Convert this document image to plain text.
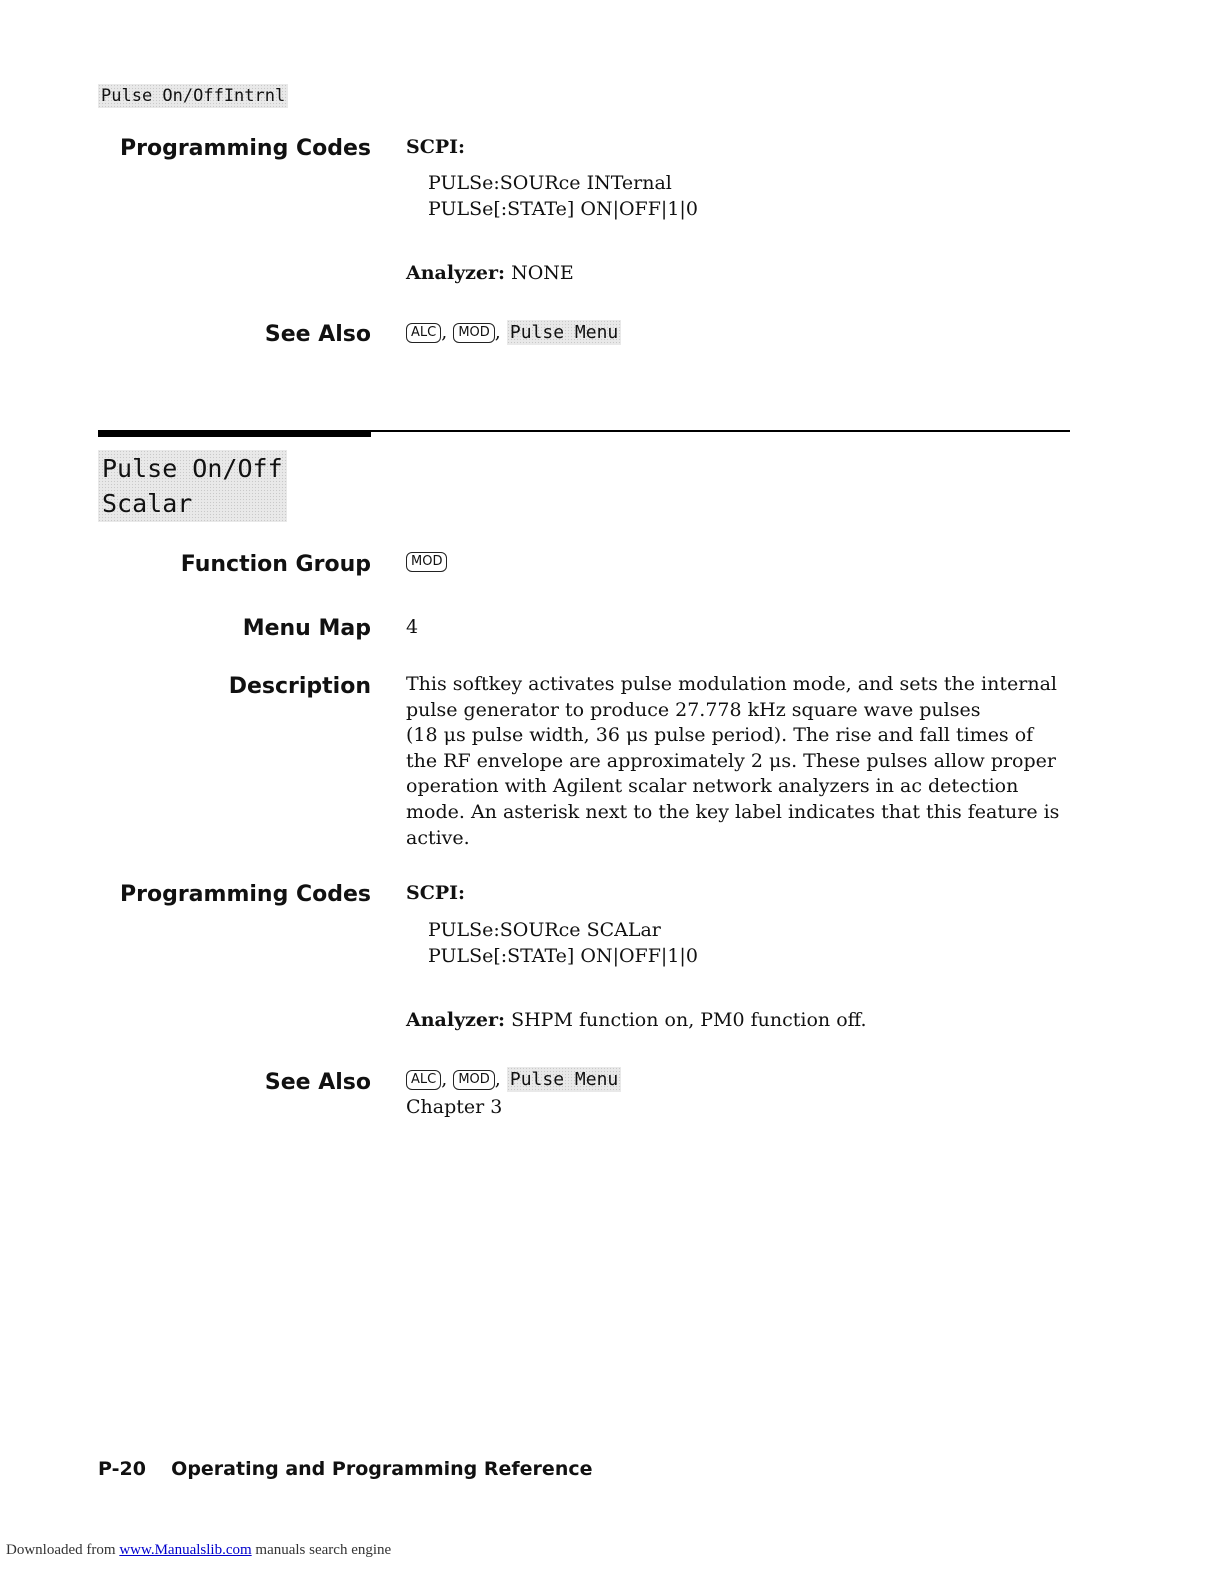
Pulse On/OffIntrnl
Programming Codes SCPI:
PULSe:SOURce INTernal
PULSe[:STATe] ON|OFF|1|0
Analyzer: NONE
See Also	ALC , MOD , Pulse Menu
Pulse On/Off
Scalar
Function Group	MOD
Menu Map 4
Description This softkey activates pulse modulation mode, and sets the internal
pulse generator to produce 27.778 kHz square wave pulses
(18 μs pulse width, 36 μs pulse period). The rise and fall times of
the RF envelope are approximately 2 μs. These pulses allow proper
operation with Agilent scalar network analyzers in ac detection
mode. An asterisk next to the key label indicates that this feature is
active.
Programming Codes SCPI:
PULSe:SOURce SCALar
PULSe[:STATe] ON|OFF|1|0
Analyzer: SHPM function on, PM0 function off.
See Also	ALC , MOD , Pulse Menu
Chapter 3
P-20 Operating and Programming Reference
Downloaded from www.Manualslib.com manuals search engine
